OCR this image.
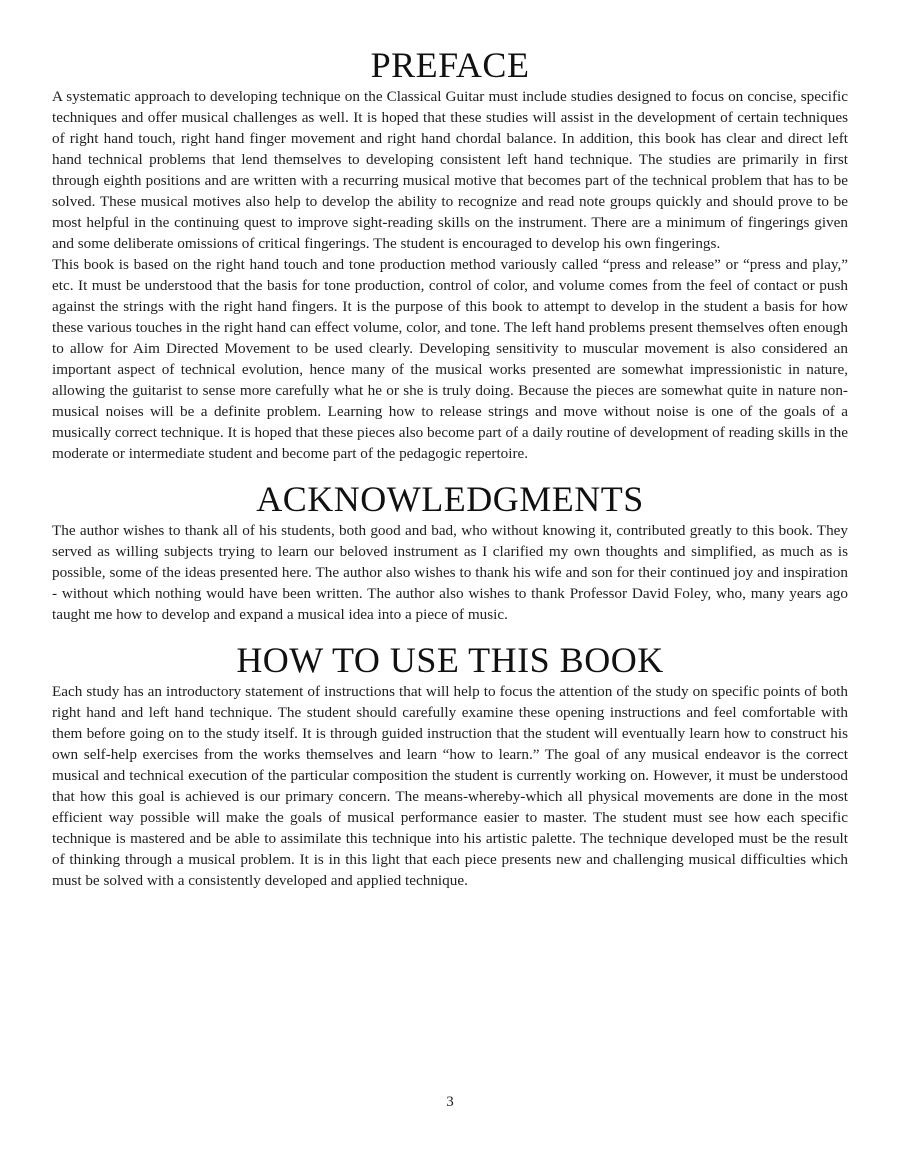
PREFACE

A systematic approach to developing technique on the Classical Guitar must include studies designed to focus on concise, specific techniques and offer musical challenges as well. It is hoped that these studies will assist in the development of certain techniques of right hand touch, right hand finger movement and right hand chordal balance. In addition, this book has clear and direct left hand technical problems that lend themselves to developing consistent left hand technique. The studies are primarily in first through eighth positions and are written with a recurring musical motive that becomes part of the technical problem that has to be solved. These musical motives also help to develop the ability to recognize and read note groups quickly and should prove to be most helpful in the continuing quest to improve sight-reading skills on the instrument. There are a minimum of fingerings given and some deliberate omissions of critical fingerings. The student is encouraged to develop his own fingerings.

This book is based on the right hand touch and tone production method variously called “press and release” or “press and play,” etc. It must be understood that the basis for tone production, control of color, and volume comes from the feel of contact or push against the strings with the right hand fingers. It is the purpose of this book to attempt to develop in the student a basis for how these various touches in the right hand can effect volume, color, and tone. The left hand problems present themselves often enough to allow for Aim Directed Movement to be used clearly. Developing sensitivity to muscular movement is also considered an important aspect of technical evolution, hence many of the musical works presented are somewhat impressionistic in nature, allowing the guitarist to sense more carefully what he or she is truly doing. Because the pieces are somewhat quite in nature non-musical noises will be a definite problem. Learning how to release strings and move without noise is one of the goals of a musically correct technique. It is hoped that these pieces also become part of a daily routine of development of reading skills in the moderate or intermediate student and become part of the pedagogic repertoire.

ACKNOWLEDGMENTS

The author wishes to thank all of his students, both good and bad, who without knowing it, contributed greatly to this book. They served as willing subjects trying to learn our beloved instrument as I clarified my own thoughts and simplified, as much as is possible, some of the ideas presented here. The author also wishes to thank his wife and son for their continued joy and inspiration - without which nothing would have been written. The author also wishes to thank Professor David Foley, who, many years ago taught me how to develop and expand a musical idea into a piece of music.

HOW TO USE THIS BOOK

Each study has an introductory statement of instructions that will help to focus the attention of the study on specific points of both right hand and left hand technique. The student should carefully examine these opening instructions and feel comfortable with them before going on to the study itself. It is through guided instruction that the student will eventually learn how to construct his own self-help exercises from the works themselves and learn “how to learn.” The goal of any musical endeavor is the correct musical and technical execution of the particular composition the student is currently working on. However, it must be understood that how this goal is achieved is our primary concern. The means-whereby-which all physical movements are done in the most efficient way possible will make the goals of musical performance easier to master. The student must see how each specific technique is mastered and be able to assimilate this technique into his artistic palette. The technique developed must be the result of thinking through a musical problem. It is in this light that each piece presents new and challenging musical difficulties which must be solved with a consistently developed and applied technique.

3
